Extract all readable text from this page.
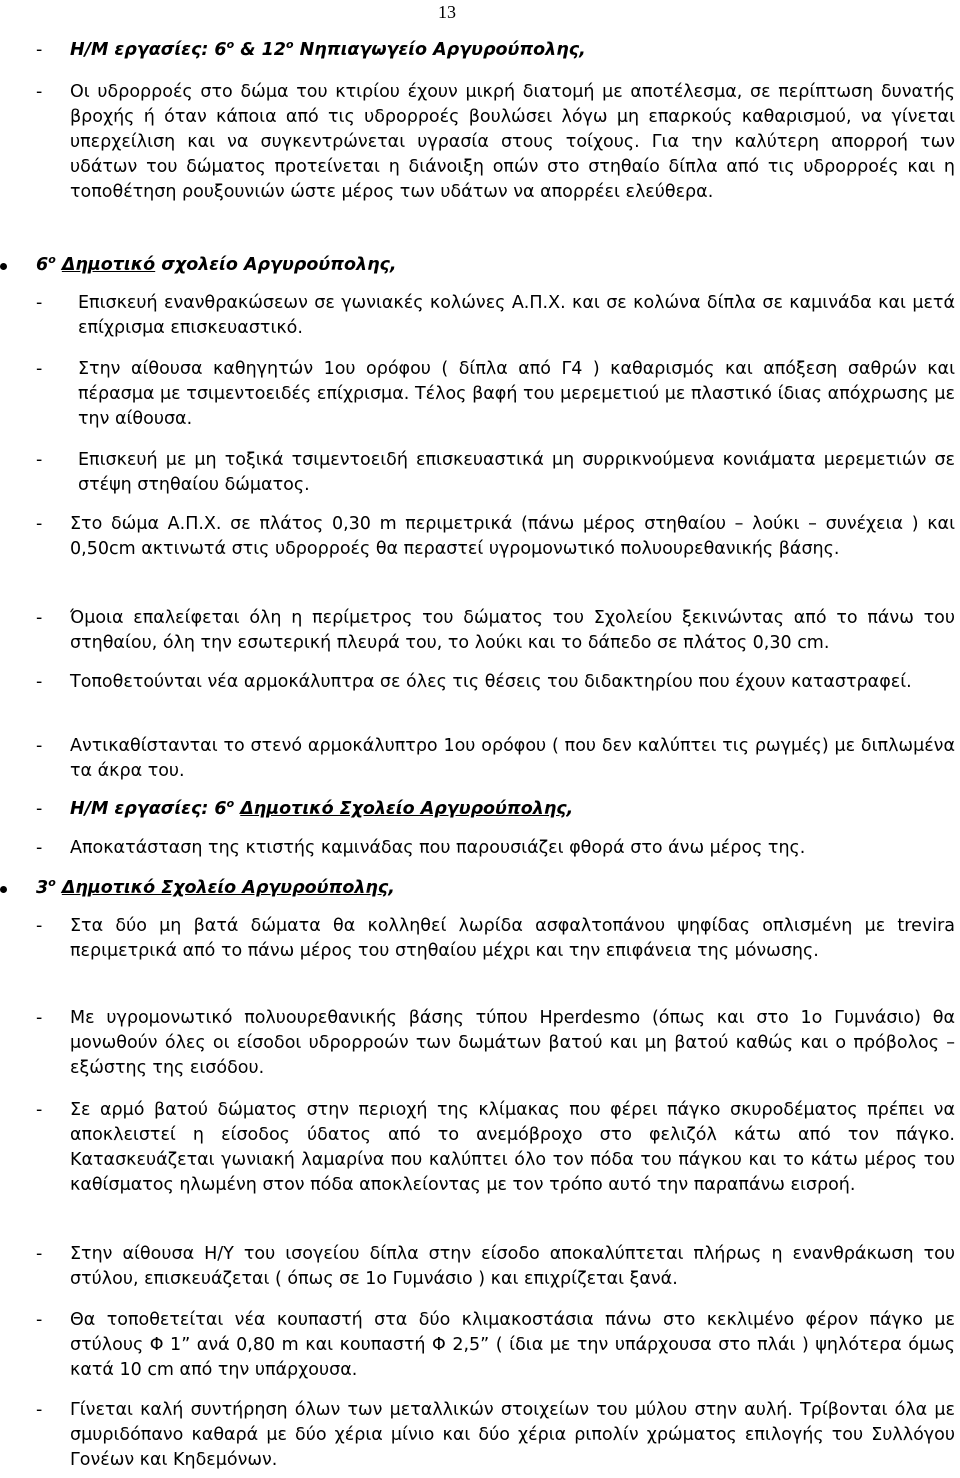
13
- Η/Μ εργασίες: $6^o$ & $12^o$ Νηπιαγωγείο Αργυρούπολης,
- Οι υδρορροές στο δώμα του κτιρίου έχουν μικρή διατομή με αποτέλεσμα, σε περίπτωση δυνατής βροχής ή όταν κάποια από τις υδρορροές βουλώσει λόγω μη επαρκούς καθαρισμού, να γίνεται υπερχείλιση και να συγκεντρώνεται υγρασία στους τοίχους. Για την καλύτερη απορροή των υδάτων του δώματος προτείνεται η διάνοιξη οπών στο στηθαίο δίπλα από τις υδρορροές και η τοποθέτηση ρουξουνιών ώστε μέρος των υδάτων να απορρέει ελεύθερα.
$6^o$ Δημοτικό σχολείο Αργυρούπολης,
- Επισκευή ενανθρακώσεων σε γωνιακές κολώνες Α.Π.Χ. και σε κολώνα δίπλα σε καμινάδα και μετά επίχρισμα επισκευαστικό.
- Στην αίθουσα καθηγητών 1ου ορόφου ( δίπλα από Γ4 ) καθαρισμός και απόξεση σαθρών και πέρασμα με τσιμεντοειδές επίχρισμα. Τέλος βαφή του μερεμετιού με πλαστικό ίδιας απόχρωσης με την αίθουσα.
- Επισκευή με μη τοξικά τσιμεντοειδή επισκευαστικά μη συρρικνούμενα κονιάματα μερεμετιών σε στέψη στηθαίου δώματος.
- Στο δώμα Α.Π.Χ. σε πλάτος 0,30 m περιμετρικά (πάνω μέρος στηθαίου – λούκι – συνέχεια ) και 0,50cm ακτινωτά στις υδρορροές θα περαστεί υγρομονωτικό πολυουρεθανικής βάσης.
- Όμοια επαλείφεται όλη η περίμετρος του δώματος του Σχολείου ξεκινώντας από το πάνω του στηθαίου, όλη την εσωτερική πλευρά του, το λούκι και το δάπεδο σε πλάτος 0,30 cm.
- Τοποθετούνται νέα αρμοκάλυπτρα σε όλες τις θέσεις του διδακτηρίου που έχουν καταστραφεί.
- Αντικαθίστανται το στενό αρμοκάλυπτρο 1ου ορόφου ( που δεν καλύπτει τις ρωγμές) με διπλωμένα τα άκρα του.
- Η/Μ εργασίες: $6^o$ Δημοτικό Σχολείο Αργυρούπολης,
- Αποκατάσταση της κτιστής καμινάδας που παρουσιάζει φθορά στο άνω μέρος της.
$3^o$ Δημοτικό Σχολείο Αργυρούπολης,
- Στα δύο μη βατά δώματα θα κολληθεί λωρίδα ασφαλτοπάνου ψηφίδας οπλισμένη με trevira περιμετρικά από το πάνω μέρος του στηθαίου μέχρι και την επιφάνεια της μόνωσης.
- Με υγρομονωτικό πολυουρεθανικής βάσης τύπου Hperdesmo (όπως και στο 1ο Γυμνάσιο) θα μονωθούν όλες οι είσοδοι υδρορροών των δωμάτων βατού και μη βατού καθώς και ο πρόβολος – εξώστης της εισόδου.
- Σε αρμό βατού δώματος στην περιοχή της κλίμακας που φέρει πάγκο σκυροδέματος πρέπει να αποκλειστεί η είσοδος ύδατος από το ανεμόβροχο στο φελιζόλ κάτω από τον πάγκο. Κατασκευάζεται γωνιακή λαμαρίνα που καλύπτει όλο τον πόδα του πάγκου και το κάτω μέρος του καθίσματος ηλωμένη στον πόδα αποκλείοντας με τον τρόπο αυτό την παραπάνω εισροή.
- Στην αίθουσα Η/Υ του ισογείου δίπλα στην είσοδο αποκαλύπτεται πλήρως η ενανθράκωση του στύλου, επισκευάζεται ( όπως σε 1ο Γυμνάσιο ) και επιχρίζεται ξανά.
- Θα τοποθετείται νέα κουπαστή στα δύο κλιμακοστάσια πάνω στο κεκλιμένο φέρον πάγκο με στύλους Φ 1” ανά 0,80 m και κουπαστή Φ 2,5” ( ίδια με την υπάρχουσα στο πλάι ) ψηλότερα όμως κατά 10 cm από την υπάρχουσα.
- Γίνεται καλή συντήρηση όλων των μεταλλικών στοιχείων του μύλου στην αυλή. Τρίβονται όλα με σμυριδόπανο καθαρά με δύο χέρια μίνιο και δύο χέρια ριπολίν χρώματος επιλογής του Συλλόγου Γονέων και Κηδεμόνων.
